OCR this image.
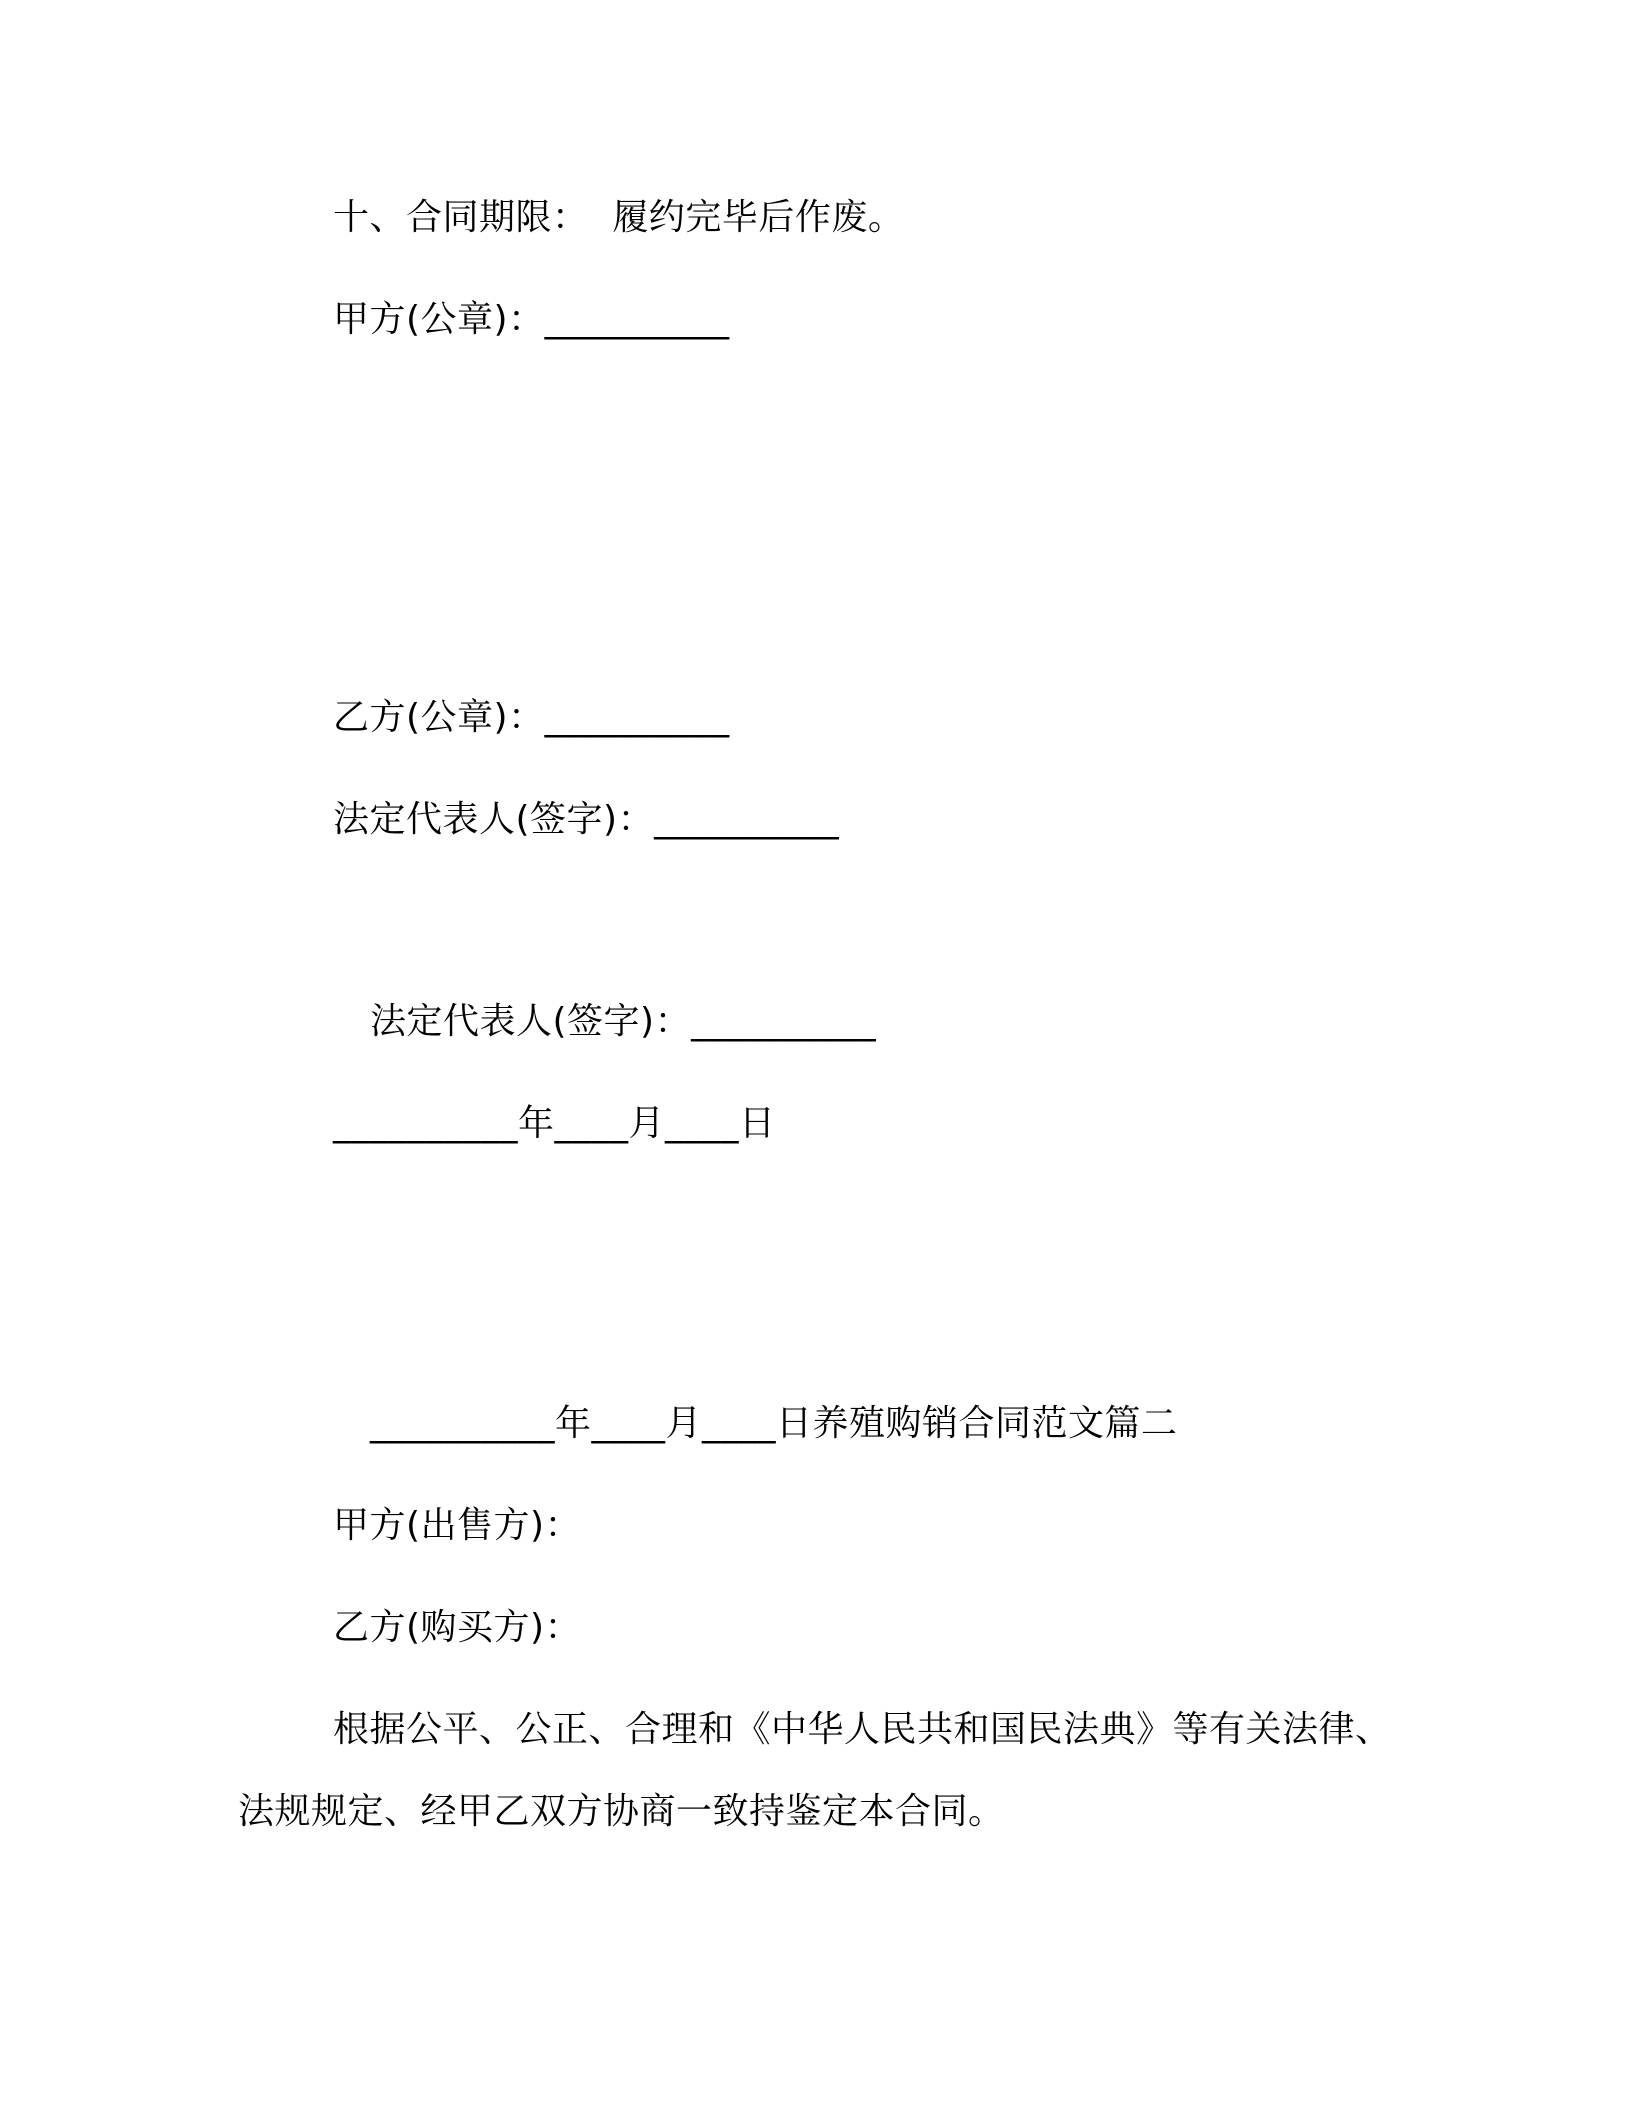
十、合同期限：  履约完毕后作废。
甲方(公章)：__________
乙方(公章)：__________
法定代表人(签字)：__________
法定代表人(签字)：__________
__________年____月____日
__________年____月____日养殖购销合同范文篇二
甲方(出售方)：
乙方(购买方)：
根据公平、公正、合理和《中华人民共和国民法典》等有关法律、
法规规定、经甲乙双方协商一致持鉴定本合同。
